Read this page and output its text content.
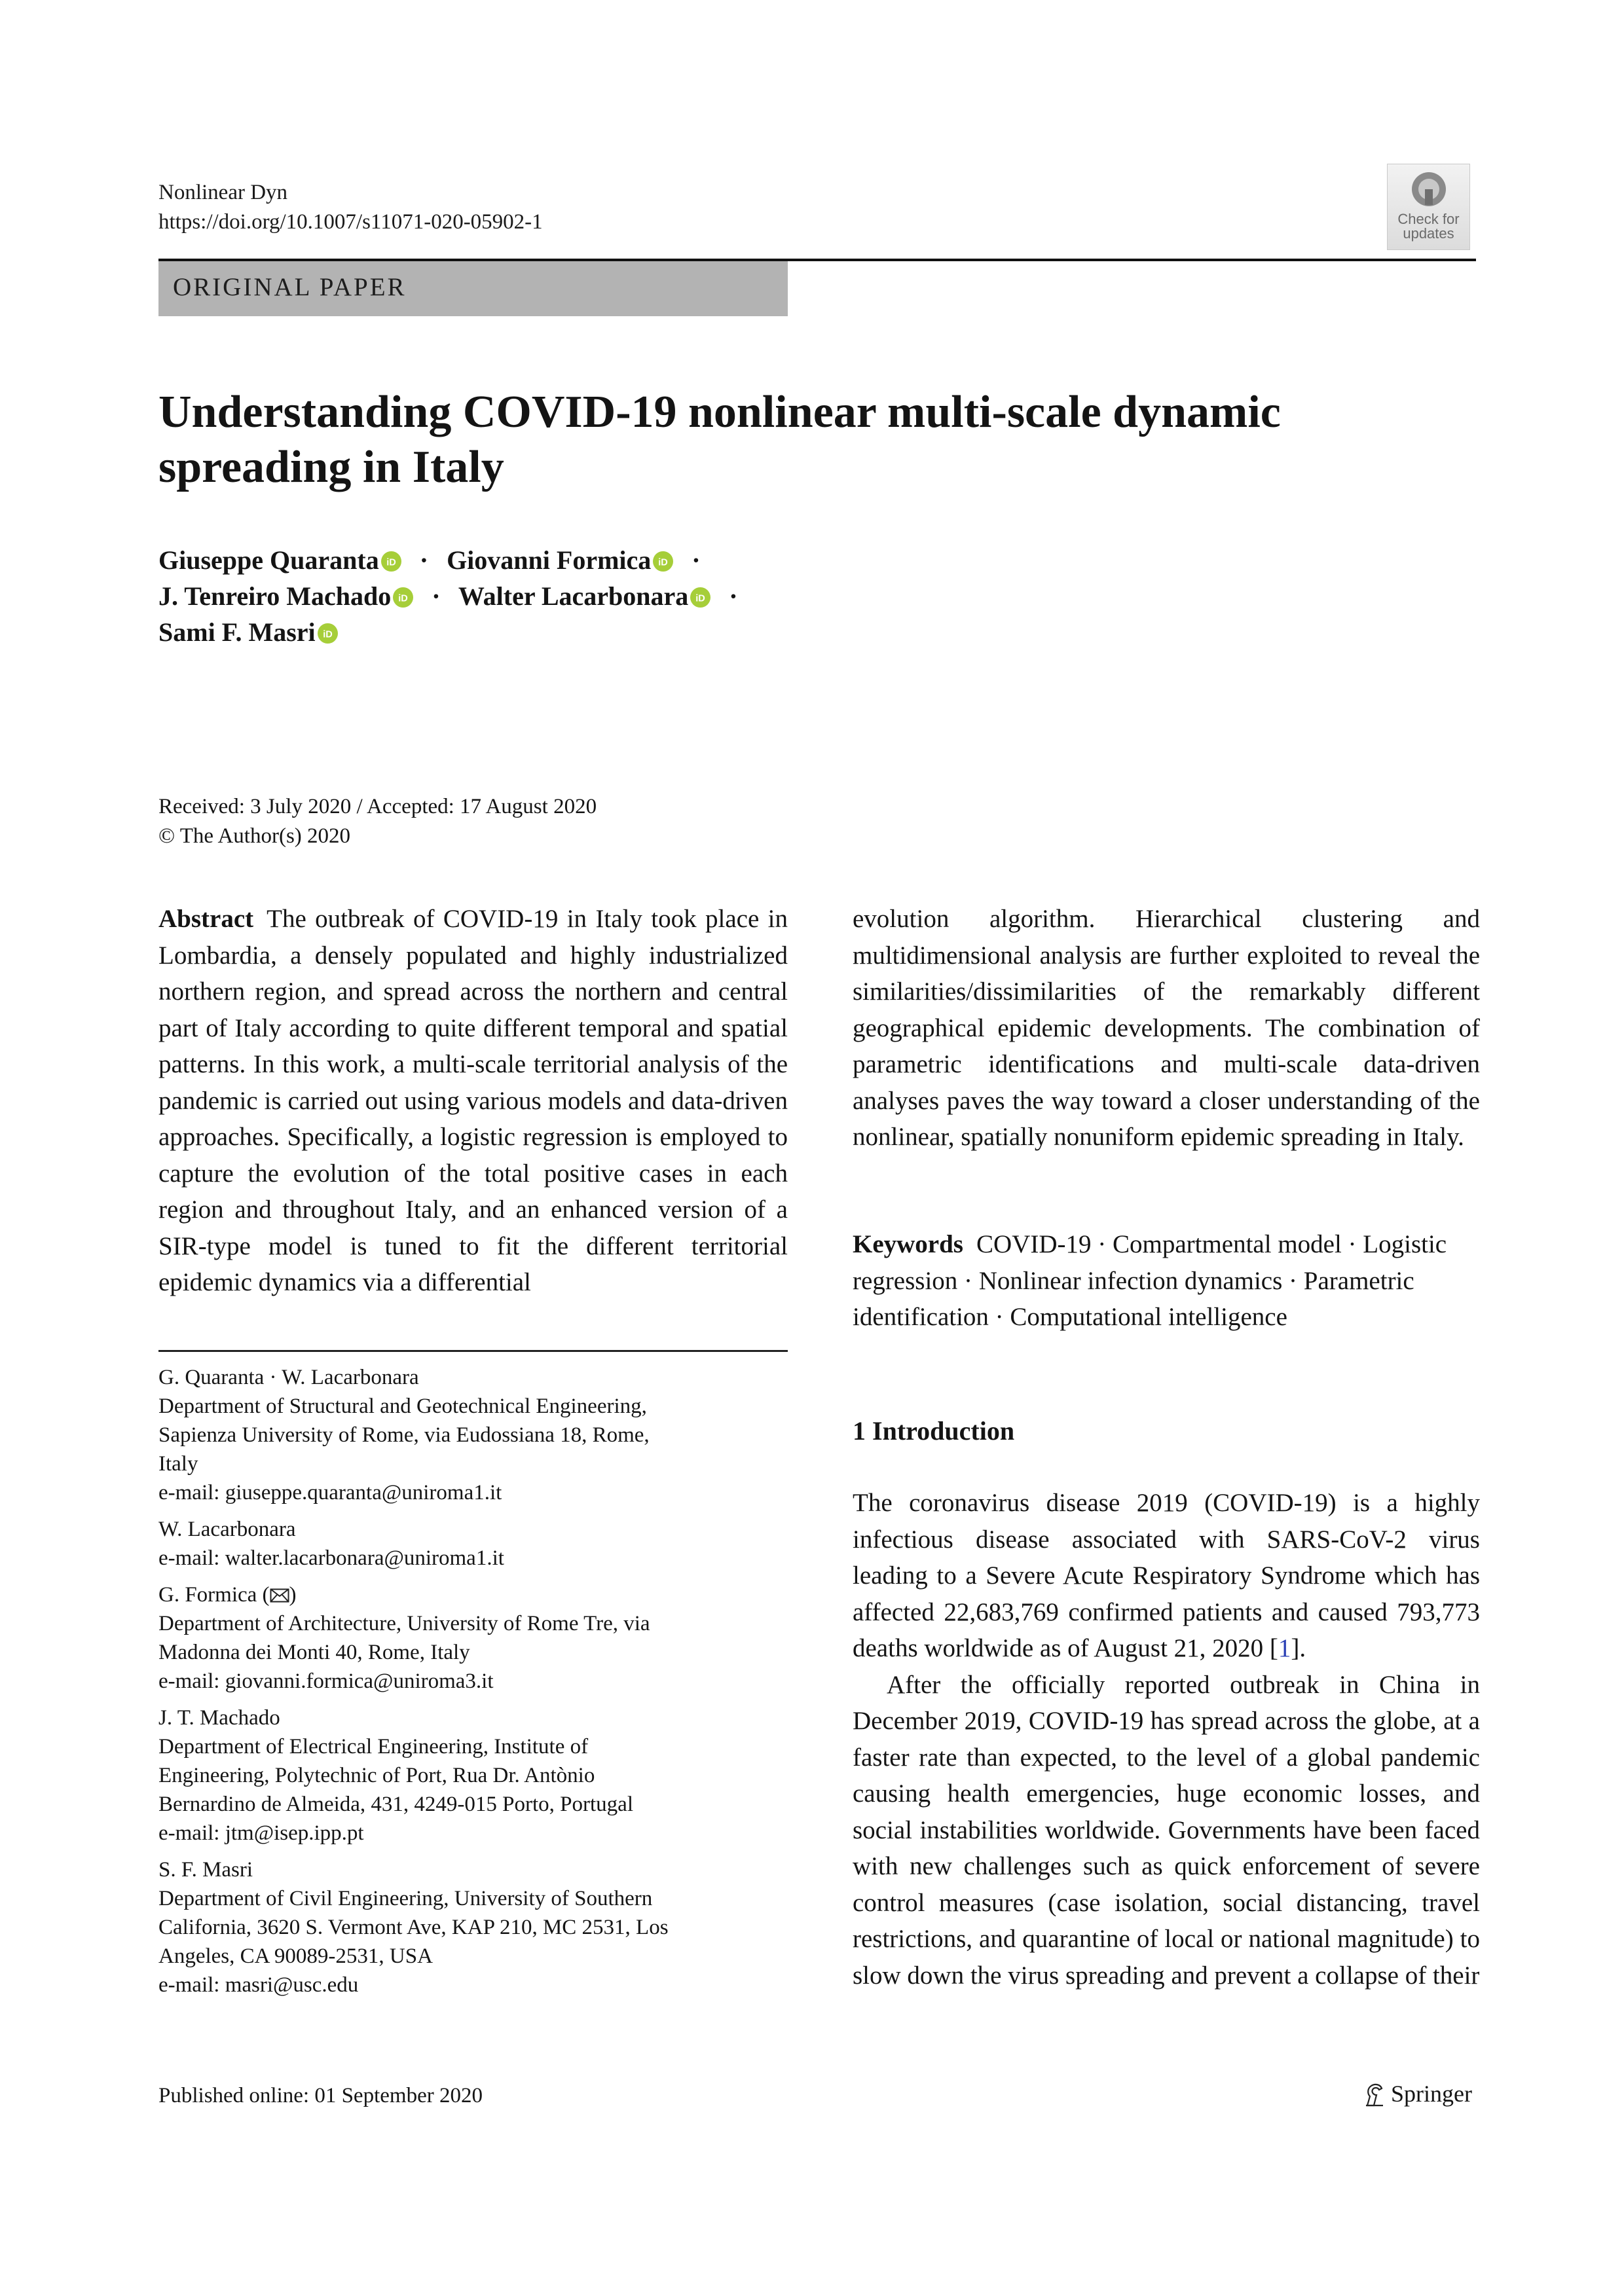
Nonlinear Dyn
https://doi.org/10.1007/s11071-020-05902-1	Check for
updates
ORIGINAL PAPER
Understanding COVID-19 nonlinear multi-scale dynamic spreading in Italy
Giuseppe Quaranta iD · Giovanni Formica iD ·
J. Tenreiro Machado iD · Walter Lacarbonara iD ·
Sami F. Masri iD
Received: 3 July 2020 / Accepted: 17 August 2020
© The Author(s) 2020
Abstract The outbreak of COVID-19 in Italy took place in Lombardia, a densely populated and highly industrialized northern region, and spread across the northern and central part of Italy according to quite different temporal and spatial patterns. In this work, a multi-scale territorial analysis of the pandemic is carried out using various models and data-driven approaches. Specifically, a logistic regression is employed to capture the evolution of the total positive cases in each region and throughout Italy, and an enhanced version of a SIR-type model is tuned to fit the different territorial epidemic dynamics via a differential
evolution algorithm. Hierarchical clustering and multidimensional analysis are further exploited to reveal the similarities/dissimilarities of the remarkably different geographical epidemic developments. The combination of parametric identifications and multi-scale data-driven analyses paves the way toward a closer understanding of the nonlinear, spatially nonuniform epidemic spreading in Italy.
Keywords COVID-19 · Compartmental model · Logistic regression · Nonlinear infection dynamics · Parametric identification · Computational intelligence
G. Quaranta · W. Lacarbonara
Department of Structural and Geotechnical Engineering,
Sapienza University of Rome, via Eudossiana 18, Rome,
Italy
e-mail: giuseppe.quaranta@uniroma1.it
W. Lacarbonara
e-mail: walter.lacarbonara@uniroma1.it
G. Formica ( )
Department of Architecture, University of Rome Tre, via
Madonna dei Monti 40, Rome, Italy
e-mail: giovanni.formica@uniroma3.it
J. T. Machado
Department of Electrical Engineering, Institute of
Engineering, Polytechnic of Port, Rua Dr. Antònio
Bernardino de Almeida, 431, 4249-015 Porto, Portugal
e-mail: jtm@isep.ipp.pt
S. F. Masri
Department of Civil Engineering, University of Southern
California, 3620 S. Vermont Ave, KAP 210, MC 2531, Los
Angeles, CA 90089-2531, USA
e-mail: masri@usc.edu
1 Introduction

The coronavirus disease 2019 (COVID-19) is a highly infectious disease associated with SARS-CoV-2 virus leading to a Severe Acute Respiratory Syndrome which has affected 22,683,769 confirmed patients and caused 793,773 deaths worldwide as of August 21, 2020 [1].

After the officially reported outbreak in China in December 2019, COVID-19 has spread across the globe, at a faster rate than expected, to the level of a global pandemic causing health emergencies, huge economic losses, and social instabilities worldwide. Governments have been faced with new challenges such as quick enforcement of severe control measures (case isolation, social distancing, travel restrictions, and quarantine of local or national magnitude) to slow down the virus spreading and prevent a collapse of their

Published online: 01 September 2020	Springer
